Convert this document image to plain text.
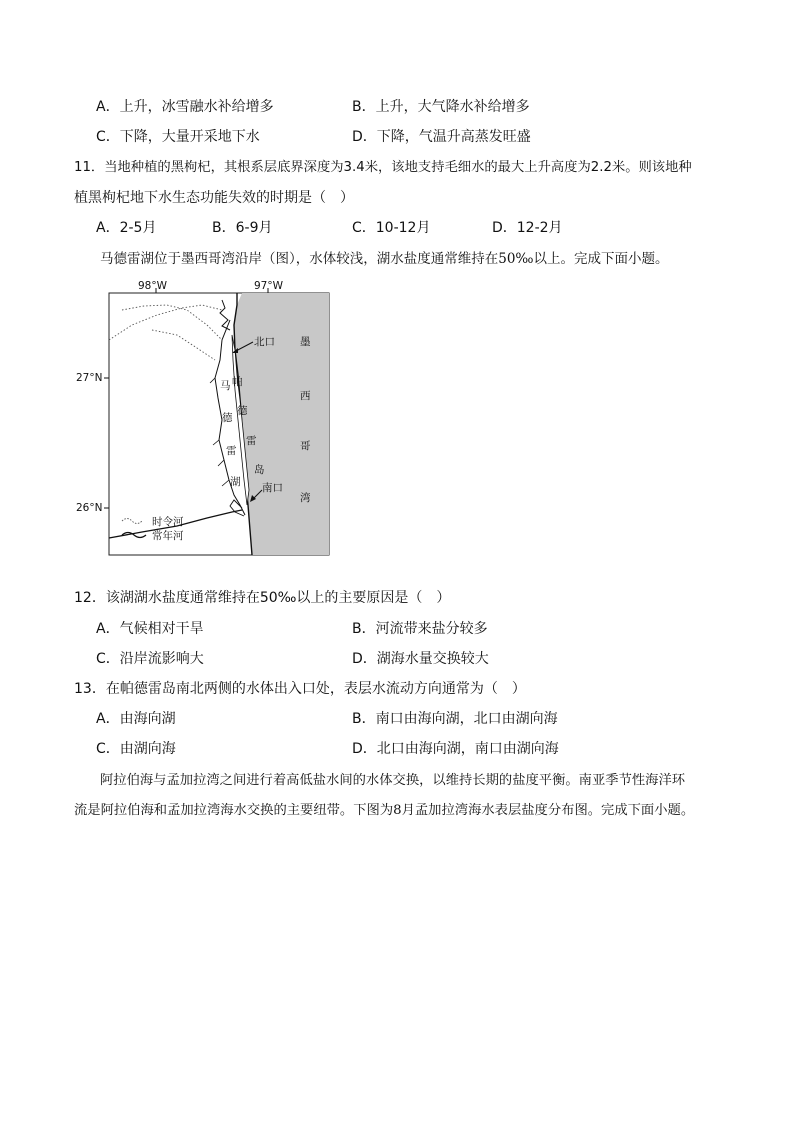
A．上升，冰雪融水补给增多	B．上升，大气降水补给增多
C．下降，大量开采地下水	D．下降，气温升高蒸发旺盛
11．当地种植的黑枸杞，其根系层底界深度为3.4米，该地支持毛细水的最大上升高度为2.2米。则该地种
植黑枸杞地下水生态功能失效的时期是（　）
A．2-5月	B．6-9月	C．10-12月	D．12-2月
马德雷湖位于墨西哥湾沿岸（图），水体较浅，湖水盐度通常维持在50‰以上。完成下面小题。
98°W	97°W
27°N
26°N
北口
南口
墨
西
哥
湾
马
德
雷
湖
帕
德
雷
岛
时令河
常年河
12．该湖湖水盐度通常维持在50‰以上的主要原因是（　）
A．气候相对干旱	B．河流带来盐分较多
C．沿岸流影响大	D．湖海水量交换较大
13．在帕德雷岛南北两侧的水体出入口处，表层水流动方向通常为（　）
A．由海向湖	B．南口由海向湖，北口由湖向海
C．由湖向海	D．北口由海向湖，南口由湖向海
阿拉伯海与孟加拉湾之间进行着高低盐水间的水体交换，以维持长期的盐度平衡。南亚季节性海洋环
流是阿拉伯海和孟加拉湾海水交换的主要纽带。下图为8月孟加拉湾海水表层盐度分布图。完成下面小题。
